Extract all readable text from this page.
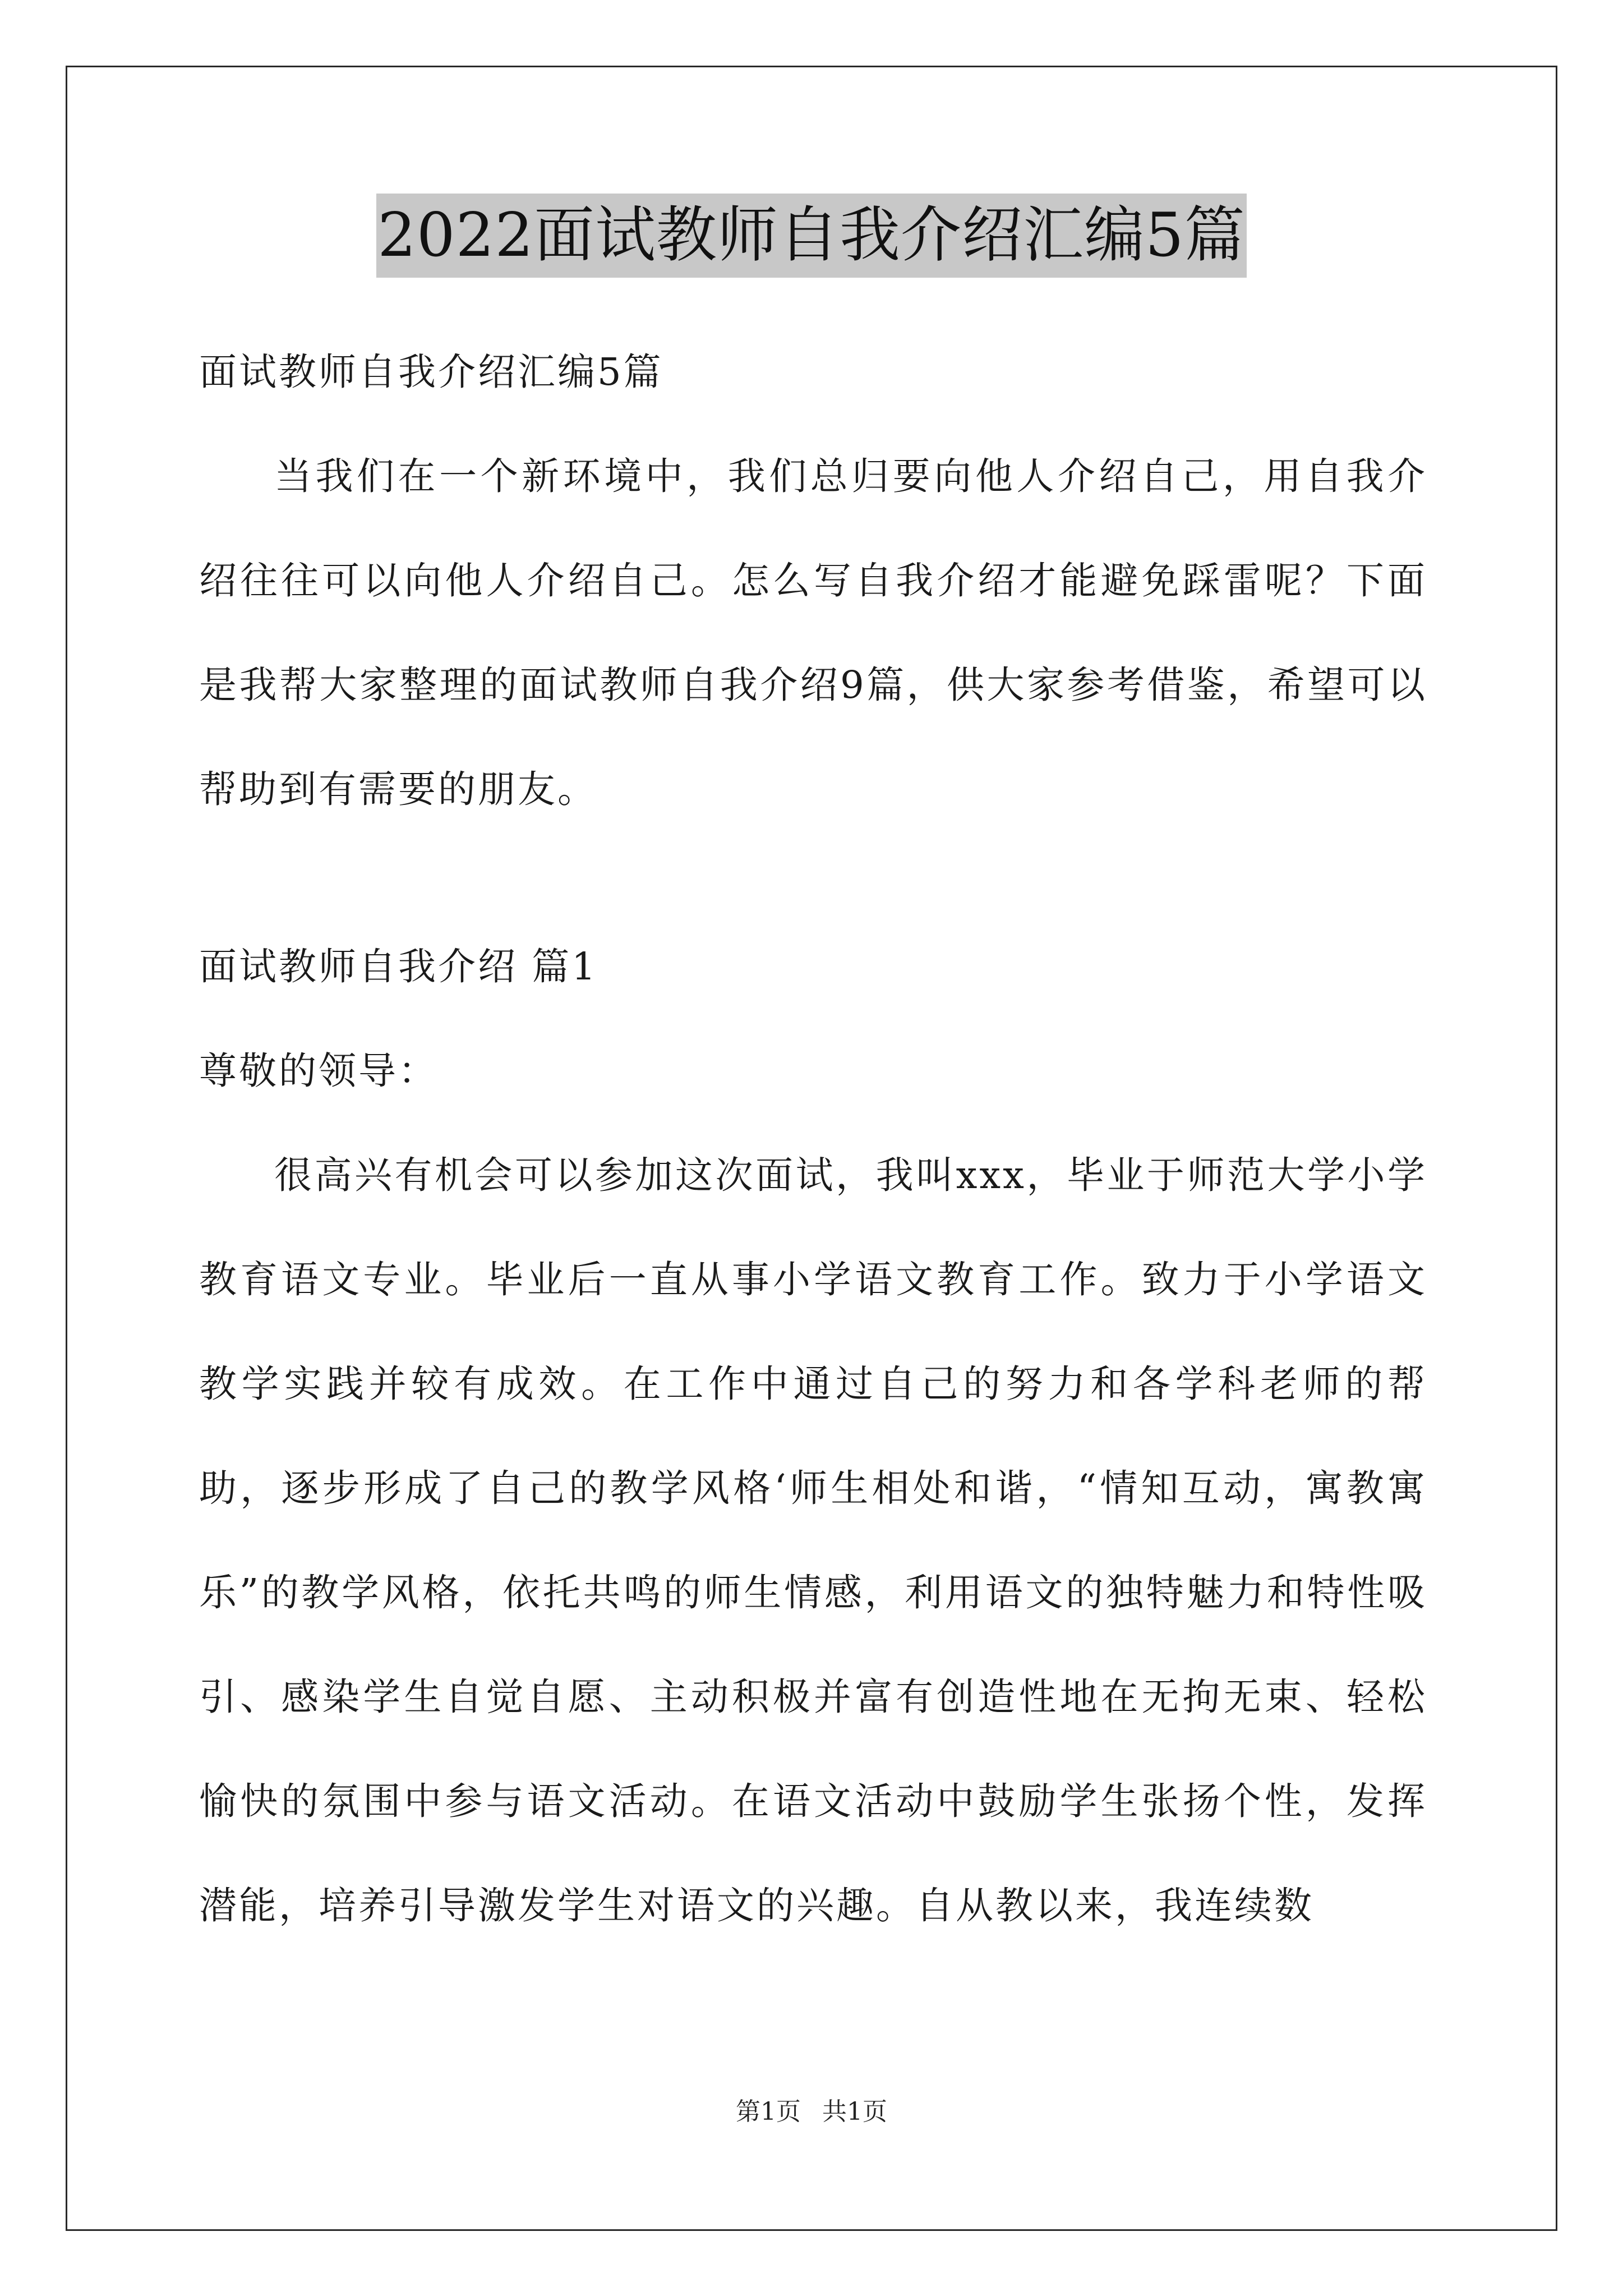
2022面试教师自我介绍汇编5篇

面试教师自我介绍汇编5篇

当我们在一个新环境中，我们总归要向他人介绍自己，用自我介绍往往可以向他人介绍自己。怎么写自我介绍才能避免踩雷呢？下面是我帮大家整理的面试教师自我介绍9篇，供大家参考借鉴，希望可以帮助到有需要的朋友。

面试教师自我介绍 篇1

尊敬的领导：

很高兴有机会可以参加这次面试，我叫xxx，毕业于师范大学小学教育语文专业。毕业后一直从事小学语文教育工作。致力于小学语文教学实践并较有成效。在工作中通过自己的努力和各学科老师的帮助，逐步形成了自己的教学风格‘师生相处和谐，“情知互动，寓教寓乐”的教学风格，依托共鸣的师生情感，利用语文的独特魅力和特性吸引、感染学生自觉自愿、主动积极并富有创造性地在无拘无束、轻松愉快的氛围中参与语文活动。在语文活动中鼓励学生张扬个性，发挥潜能，培养引导激发学生对语文的兴趣。自从教以来，我连续数

第1页 共1页
